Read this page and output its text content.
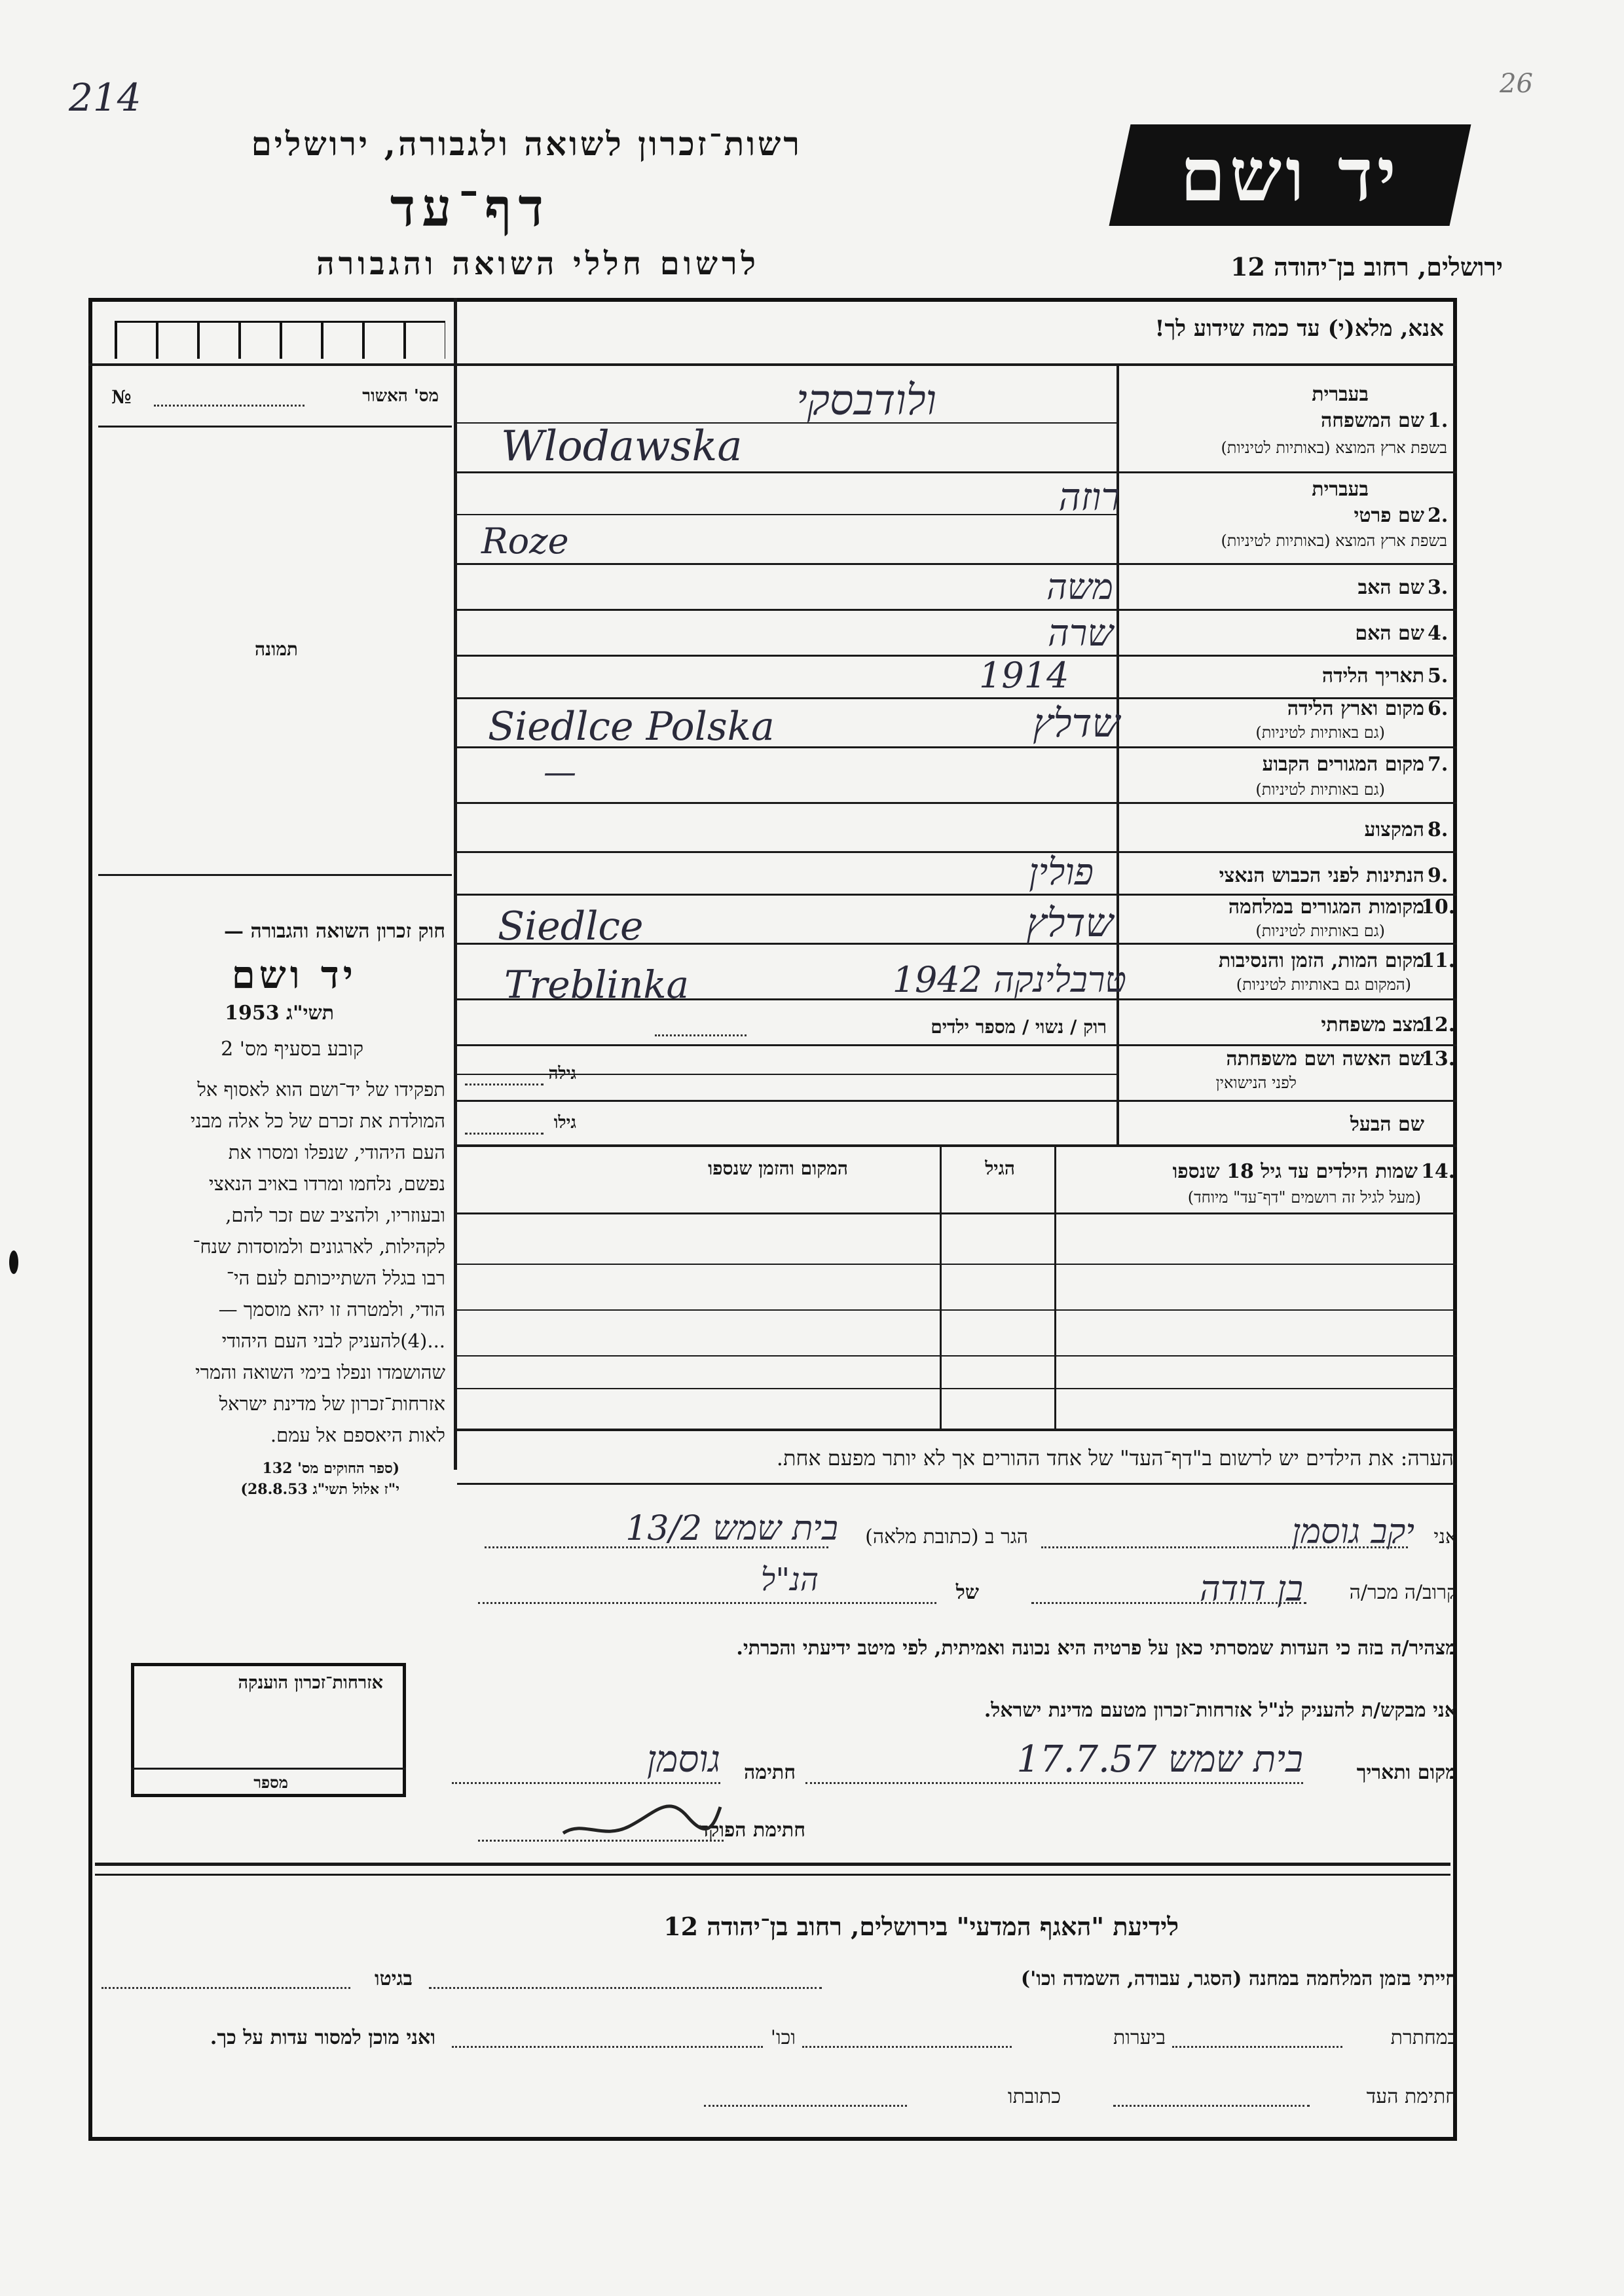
214	26
רשות־זכרון לשואה ולגבורה, ירושלים
דף־עד
לרשום חללי השואה והגבורה
יד ושם
ירושלים, רחוב בן־יהודה 12
אנא, מלא(י) עד כמה שידוע לך!
מס' האשור
№
תמונה
חוק זכרון השואה והגבורה —
יד ושם
תשי"ג 1953
קובע בסעיף מס' 2
תפקידו של יד־ושם הוא לאסוף אל
המולדת את זכרם של כל אלה מבני
העם היהודי, שנפלו ומסרו את
נפשם, נלחמו ומרדו באויב הנאצי
ובעוזריו, ולהציב שם זכר להם,
לקהילות, לארגונים ולמוסדות שנח־
רבו בגלל השתייכותם לעם הי־
הודי, ולמטרה זו יהא מוסמך —
...(4)להעניק לבני העם היהודי
שהושמדו ונפלו בימי השואה והמרי
אזרחות־זכרון של מדינת ישראל
לאות היאספם אל עמם.
(ספר החוקים מס' 132
י"ז אלול תשי"ג 28.8.53)
אזרחות־זכרון הוענקה
מספר
בעברית
1.
שם המשפחה
בשפת ארץ המוצא (באותיות לטיניות)
ולודבסקי
Wlodawska
בעברית
2.
שם פרטי
בשפת ארץ המוצא (באותיות לטיניות)
רוזה
Roze
3.
שם האב
משה
4.
שם האם
שרה
5.
תאריך הלידה
1914
6.
מקום וארץ הלידה
(גם באותיות לטיניות)
שדלץ
Siedlce Polska
7.
מקום המגורים הקבוע
(גם באותיות לטיניות)
—
8.
המקצוע
9.
הנתינות לפני הכבוש הנאצי
פולין
10.
מקומות המגורים במלחמה
(גם באותיות לטיניות)
שדלץ
Siedlce
11.
מקום המות, הזמן והנסיבות
(המקום גם באותיות לטיניות)
טרבלינקה 1942
Treblinka
12.
מצב משפחתי
רוק / נשוי / מספר ילדים
13.
שם האשה ושם משפחתה
לפני הנישואין
גילה
שם הבעל
גילו
14.
שמות הילדים עד גיל 18 שנספו
(מעל לגיל זה רושמים "דף־עד" מיוחד)
הגיל
המקום והזמן שנספו
הערה: את הילדים יש לרשום ב"דף־העד" של אחד ההורים אך לא יותר מפעם אחת.
אני
יקב גוסמן
הגר ב (כתובת מלאה)
בית שמש 13/2
קרוב/ה מכר/ה
בן דודה
של
הנ"ל
מצהיר/ה בזה כי העדות שמסרתי כאן על פרטיה היא נכונה ואמיתית, לפי מיטב ידיעתי והכרתי.
אני מבקש/ת להעניק לנ"ל אזרחות־זכרון מטעם מדינת ישראל.
מקום ותאריך
בית שמש 17.7.57
חתימה
גוסמן
חתימת הפוקד
לידיעת "האגף המדעי" בירושלים, רחוב בן־יהודה 12
חייתי בזמן המלחמה במחנה (הסגר, עבודה, השמדה וכו')
בגיטו
במחתרת
ביערות
וכו'
ואני מוכן למסור עדות על כך.
חתימת העד
כתובתו
